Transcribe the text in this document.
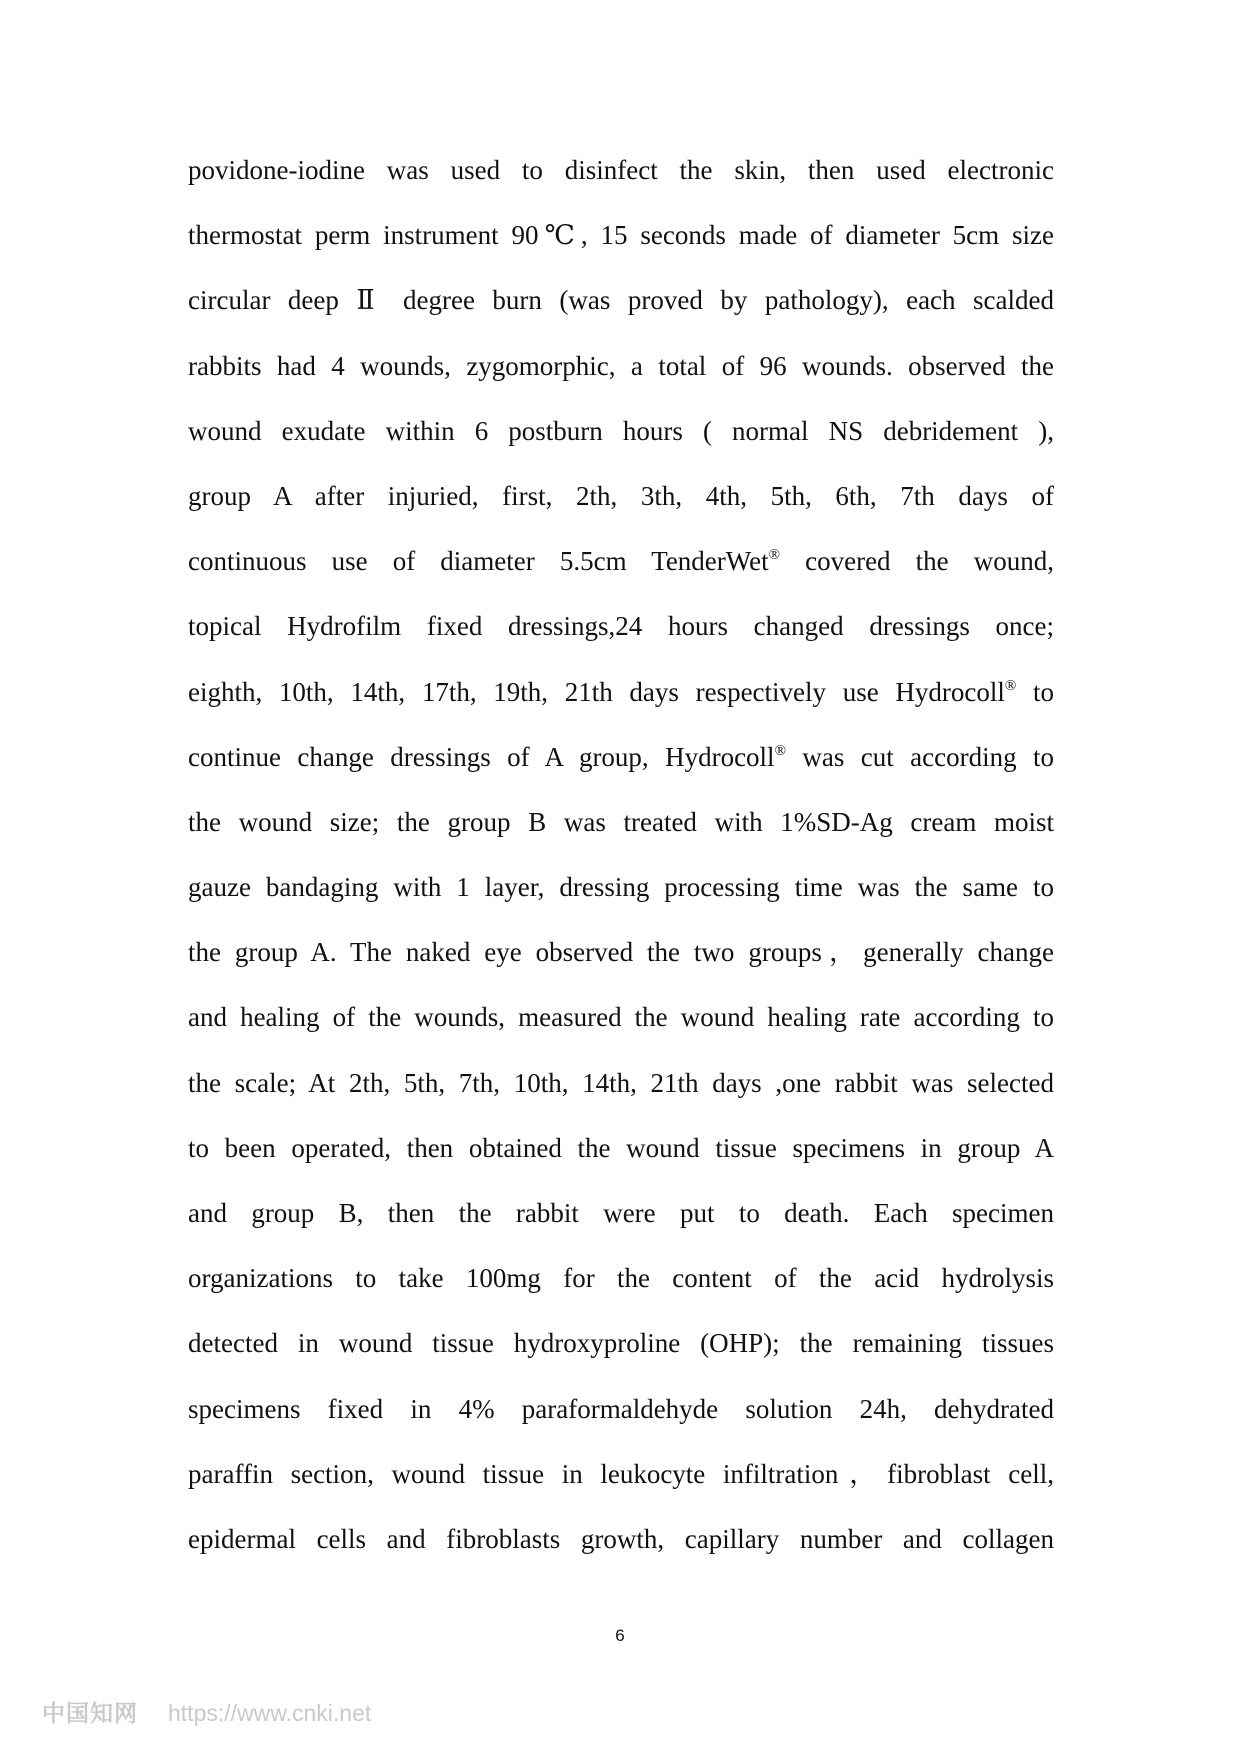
povidone-iodine was used to disinfect the skin, then used electronic
thermostat perm instrument 90℃, 15 seconds made of diameter 5cm size
circular deep Ⅱ degree burn (was proved by pathology), each scalded
rabbits had 4 wounds, zygomorphic, a total of 96 wounds. observed the
wound exudate within 6 postburn hours ( normal NS debridement ),
group A after injuried, first, 2th, 3th, 4th, 5th, 6th, 7th days of
continuous use of diameter 5.5cm TenderWet® covered the wound,
topical Hydrofilm fixed dressings,24 hours changed dressings once;
eighth, 10th, 14th, 17th, 19th, 21th days respectively use Hydrocoll® to
continue change dressings of A group, Hydrocoll® was cut according to
the wound size; the group B was treated with 1%SD-Ag cream moist
gauze bandaging with 1 layer, dressing processing time was the same to
the group A. The naked eye observed the two groups，generally change
and healing of the wounds, measured the wound healing rate according to
the scale; At 2th, 5th, 7th, 10th, 14th, 21th days ,one rabbit was selected
to been operated, then obtained the wound tissue specimens in group A
and group B, then the rabbit were put to death. Each specimen
organizations to take 100mg for the content of the acid hydrolysis
detected in wound tissue hydroxyproline (OHP); the remaining tissues
specimens fixed in 4% paraformaldehyde solution 24h, dehydrated
paraffin section, wound tissue in leukocyte infiltration，fibroblast cell,
epidermal cells and fibroblasts growth, capillary number and collagen
6
中国知网 https://www.cnki.net
